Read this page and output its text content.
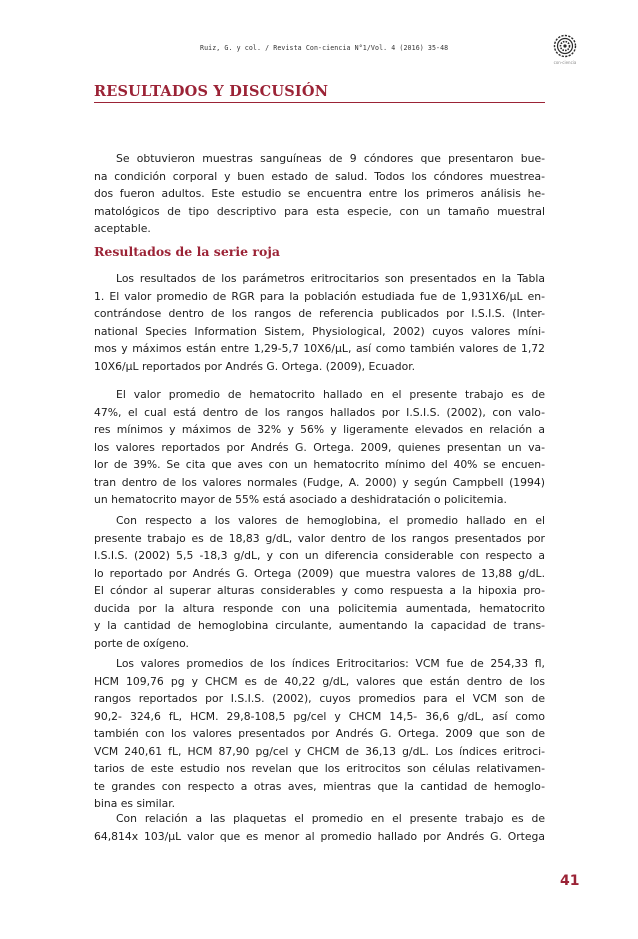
Ruiz, G. y col. / Revista Con-ciencia N°1/Vol. 4 (2016) 35-48
con-ciencia
RESULTADOS Y DISCUSIÓN
Se obtuvieron muestras sanguíneas de 9 cóndores que presentaron bue-
na condición corporal y buen estado de salud. Todos los cóndores muestrea-
dos fueron adultos. Este estudio se encuentra entre los primeros análisis he-
matológicos de tipo descriptivo para esta especie, con un tamaño muestral
aceptable.
Resultados de la serie roja
Los resultados de los parámetros eritrocitarios son presentados en la Tabla
1. El valor promedio de RGR para la población estudiada fue de 1,931X6/µL en-
contrándose dentro de los rangos de referencia publicados por I.S.I.S. (Inter-
national Species Information Sistem, Physiological, 2002) cuyos valores míni-
mos y máximos están entre 1,29-5,7 10X6/µL, así como también valores de 1,72
10X6/µL reportados por Andrés G. Ortega. (2009), Ecuador.
El valor promedio de hematocrito hallado en el presente trabajo es de
47%, el cual está dentro de los rangos hallados por I.S.I.S. (2002), con valo-
res mínimos y máximos de 32% y 56% y ligeramente elevados en relación a
los valores reportados por Andrés G. Ortega. 2009, quienes presentan un va-
lor de 39%. Se cita que aves con un hematocrito mínimo del 40% se encuen-
tran dentro de los valores normales (Fudge, A. 2000) y según Campbell (1994)
un hematocrito mayor de 55% está asociado a deshidratación o policitemia.
Con respecto a los valores de hemoglobina, el promedio hallado en el
presente trabajo es de 18,83 g/dL, valor dentro de los rangos presentados por
I.S.I.S. (2002) 5,5 -18,3 g/dL, y con un diferencia considerable con respecto a
lo reportado por Andrés G. Ortega (2009) que muestra valores de 13,88 g/dL.
El cóndor al superar alturas considerables y como respuesta a la hipoxia pro-
ducida por la altura responde con una policitemia aumentada, hematocrito
y la cantidad de hemoglobina circulante, aumentando la capacidad de trans-
porte de oxígeno.
Los valores promedios de los índices Eritrocitarios: VCM fue de 254,33 fl,
HCM 109,76 pg y CHCM es de 40,22 g/dL, valores que están dentro de los
rangos reportados por I.S.I.S. (2002), cuyos promedios para el VCM son de
90,2- 324,6 fL, HCM. 29,8-108,5 pg/cel y CHCM 14,5- 36,6 g/dL, así como
también con los valores presentados por Andrés G. Ortega. 2009 que son de
VCM 240,61 fL, HCM 87,90 pg/cel y CHCM de 36,13 g/dL. Los índices eritroci-
tarios de este estudio nos revelan que los eritrocitos son células relativamen-
te grandes con respecto a otras aves, mientras que la cantidad de hemoglo-
bina es similar.
Con relación a las plaquetas el promedio en el presente trabajo es de
64,814x 103/µL valor que es menor al promedio hallado por Andrés G. Ortega
41
